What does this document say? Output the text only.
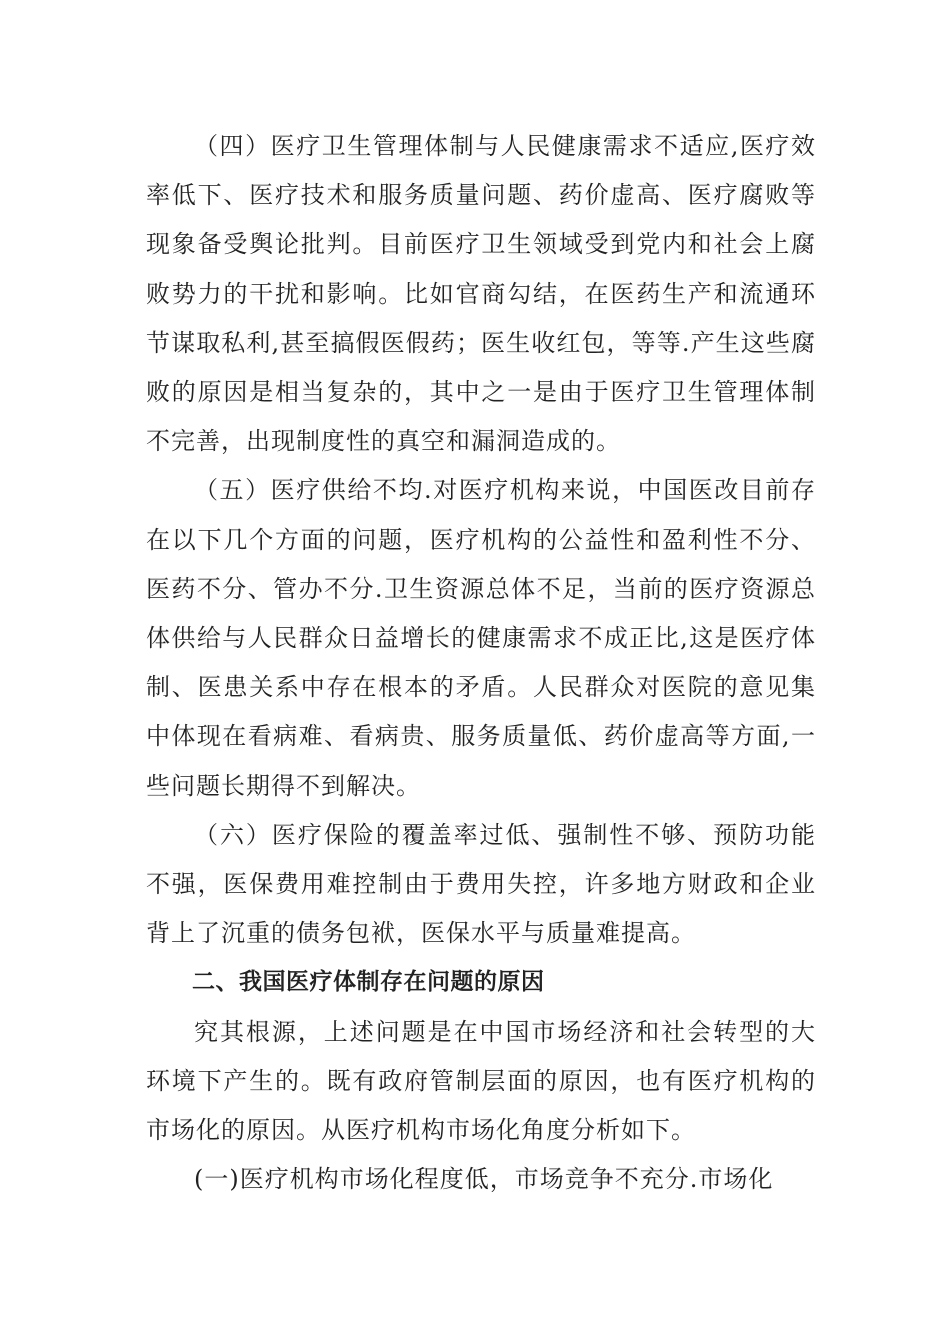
（四）医疗卫生管理体制与人民健康需求不适应,医疗效率低下、医疗技术和服务质量问题、药价虚高、医疗腐败等现象备受舆论批判。目前医疗卫生领域受到党内和社会上腐败势力的干扰和影响。比如官商勾结，在医药生产和流通环节谋取私利,甚至搞假医假药；医生收红包，等等.产生这些腐败的原因是相当复杂的，其中之一是由于医疗卫生管理体制不完善，出现制度性的真空和漏洞造成的。

（五）医疗供给不均.对医疗机构来说，中国医改目前存在以下几个方面的问题，医疗机构的公益性和盈利性不分、医药不分、管办不分.卫生资源总体不足，当前的医疗资源总体供给与人民群众日益增长的健康需求不成正比,这是医疗体制、医患关系中存在根本的矛盾。人民群众对医院的意见集中体现在看病难、看病贵、服务质量低、药价虚高等方面,一些问题长期得不到解决。

（六）医疗保险的覆盖率过低、强制性不够、预防功能不强，医保费用难控制由于费用失控，许多地方财政和企业背上了沉重的债务包袱，医保水平与质量难提高。

二、我国医疗体制存在问题的原因

究其根源，上述问题是在中国市场经济和社会转型的大环境下产生的。既有政府管制层面的原因，也有医疗机构的市场化的原因。从医疗机构市场化角度分析如下。

(一)医疗机构市场化程度低，市场竞争不充分.市场化
